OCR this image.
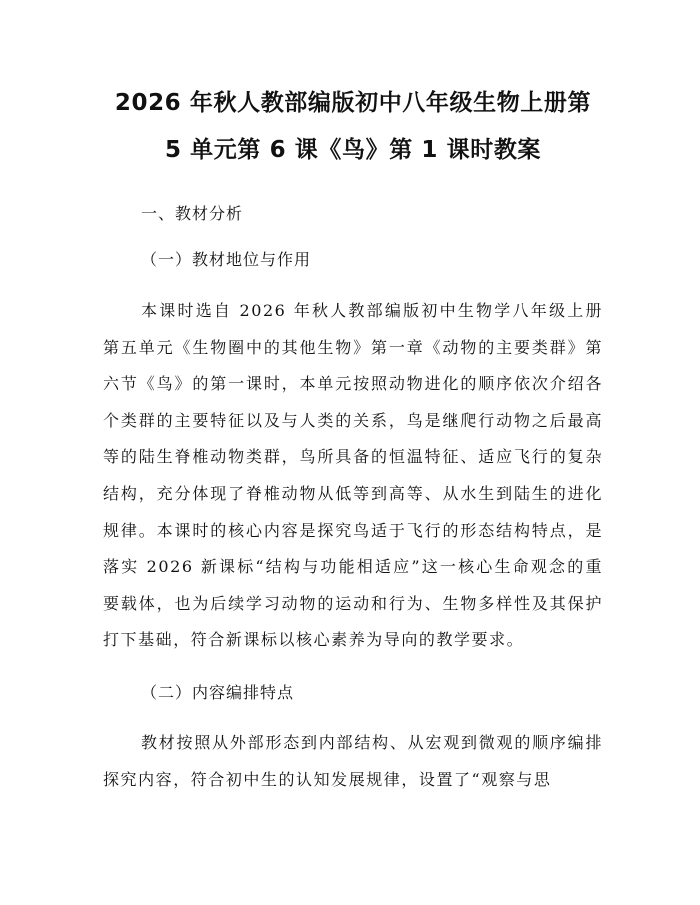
2026 年秋人教部编版初中八年级生物上册第
5 单元第 6 课《鸟》第 1 课时教案

一、教材分析

（一）教材地位与作用

本课时选自 2026 年秋人教部编版初中生物学八年级上册第五单元《生物圈中的其他生物》第一章《动物的主要类群》第六节《鸟》的第一课时，本单元按照动物进化的顺序依次介绍各个类群的主要特征以及与人类的关系，鸟是继爬行动物之后最高等的陆生脊椎动物类群，鸟所具备的恒温特征、适应飞行的复杂结构，充分体现了脊椎动物从低等到高等、从水生到陆生的进化规律。本课时的核心内容是探究鸟适于飞行的形态结构特点，是落实 2026 新课标“结构与功能相适应”这一核心生命观念的重要载体，也为后续学习动物的运动和行为、生物多样性及其保护打下基础，符合新课标以核心素养为导向的教学要求。

（二）内容编排特点

教材按照从外部形态到内部结构、从宏观到微观的顺序编排探究内容，符合初中生的认知发展规律，设置了“观察与思
